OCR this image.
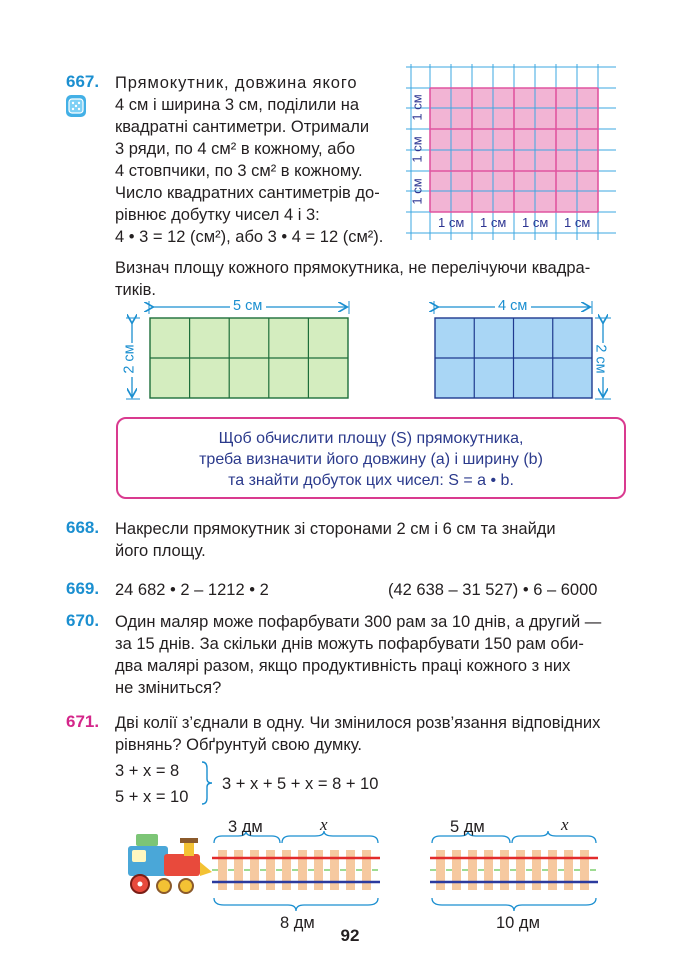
667. Прямокутник, довжина якого
4 см і ширина 3 см, поділили на
квадратні сантиметри. Отримали
3 ряди, по 4 см² в кожному, або
4 стовпчики, по 3 см² в кожному.
Число квадратних сантиметрів до-
рівнює добутку чисел 4 і 3:
4 • 3 = 12 (см²), або 3 • 4 = 12 (см²).
1 см 1 см 1 см 1 см
1 см
1 см
1 см
Визнач площу кожного прямокутника, не перелічуючи квадра-
тиків.
5 см
2 см
4 см
2 см
Щоб обчислити площу (S) прямокутника,
треба визначити його довжину (a) і ширину (b)
та знайти добуток цих чисел: S = a • b.
668. Накресли прямокутник зі сторонами 2 см і 6 см та знайди
його площу.
669. 24 682 • 2 – 1212 • 2	(42 638 – 31 527) • 6 – 6000
670. Один маляр може пофарбувати 300 рам за 10 днів, а другий —
за 15 днів. За скільки днів можуть пофарбувати 150 рам оби-
два малярі разом, якщо продуктивність праці кожного з них
не зміниться?
671. Дві колії з’єднали в одну. Чи змінилося розв’язання відповідних
рівнянь? Обґрунтуй свою думку.
3 + x = 8
5 + x = 10
3 + x + 5 + x = 8 + 10
3 дм	x
8 дм
5 дм	x
10 дм
92
